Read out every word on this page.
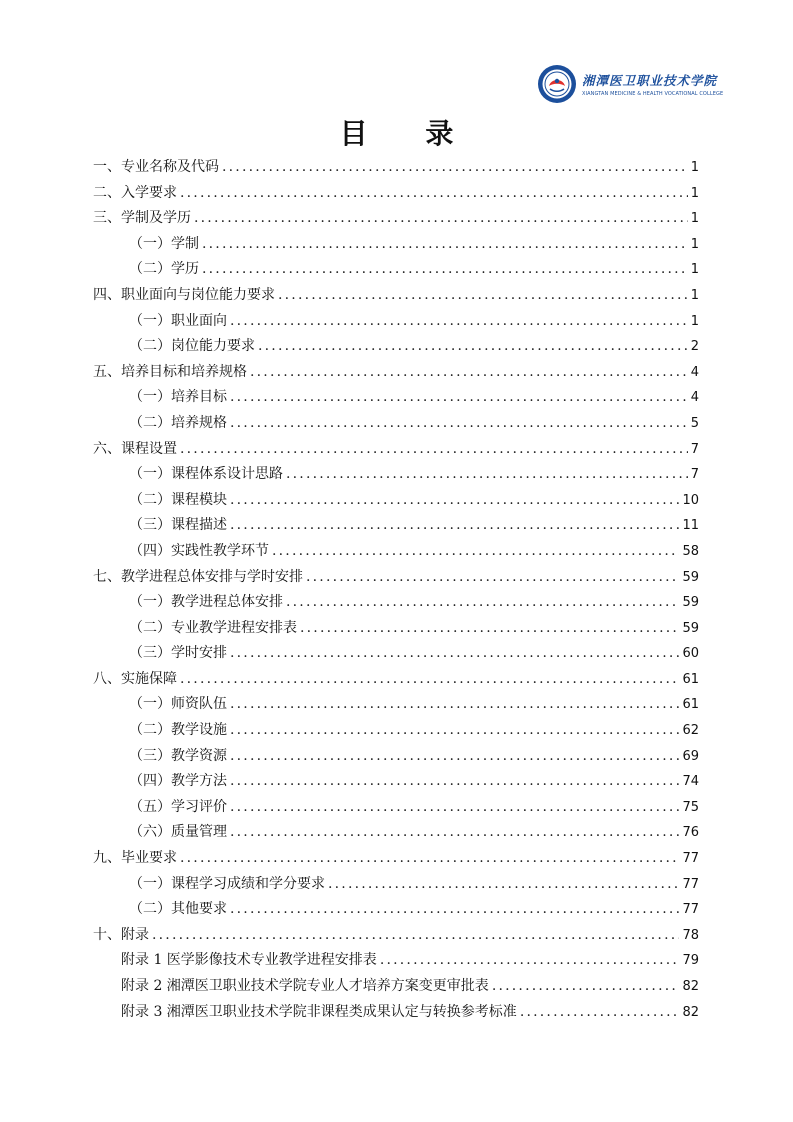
湘潭医卫职业技术学院
XIANGTAN MEDICINE & HEALTH VOCATIONAL COLLEGE
目 录
一、专业名称及代码 .....	1
二、入学要求 .....	1
三、学制及学历 .....	1
（一）学制 .....	1
（二）学历 .....	1
四、职业面向与岗位能力要求 .....	1
（一）职业面向 .....	1
（二）岗位能力要求 .....	2
五、培养目标和培养规格 .....	4
（一）培养目标 .....	4
（二）培养规格 .....	5
六、课程设置 .....	7
（一）课程体系设计思路 .....	7
（二）课程模块 .....	10
（三）课程描述 .....	11
（四）实践性教学环节 .....	58
七、教学进程总体安排与学时安排 .....	59
（一）教学进程总体安排 .....	59
（二）专业教学进程安排表 .....	59
（三）学时安排 .....	60
八、实施保障 .....	61
（一）师资队伍 .....	61
（二）教学设施 .....	62
（三）教学资源 .....	69
（四）教学方法 .....	74
（五）学习评价 .....	75
（六）质量管理 .....	76
九、毕业要求 .....	77
（一）课程学习成绩和学分要求 .....	77
（二）其他要求 .....	77
十、附录 .....	78
附录 1 医学影像技术专业教学进程安排表 .....	79
附录 2 湘潭医卫职业技术学院专业人才培养方案变更审批表 .....	82
附录 3 湘潭医卫职业技术学院非课程类成果认定与转换参考标准 .....	82
